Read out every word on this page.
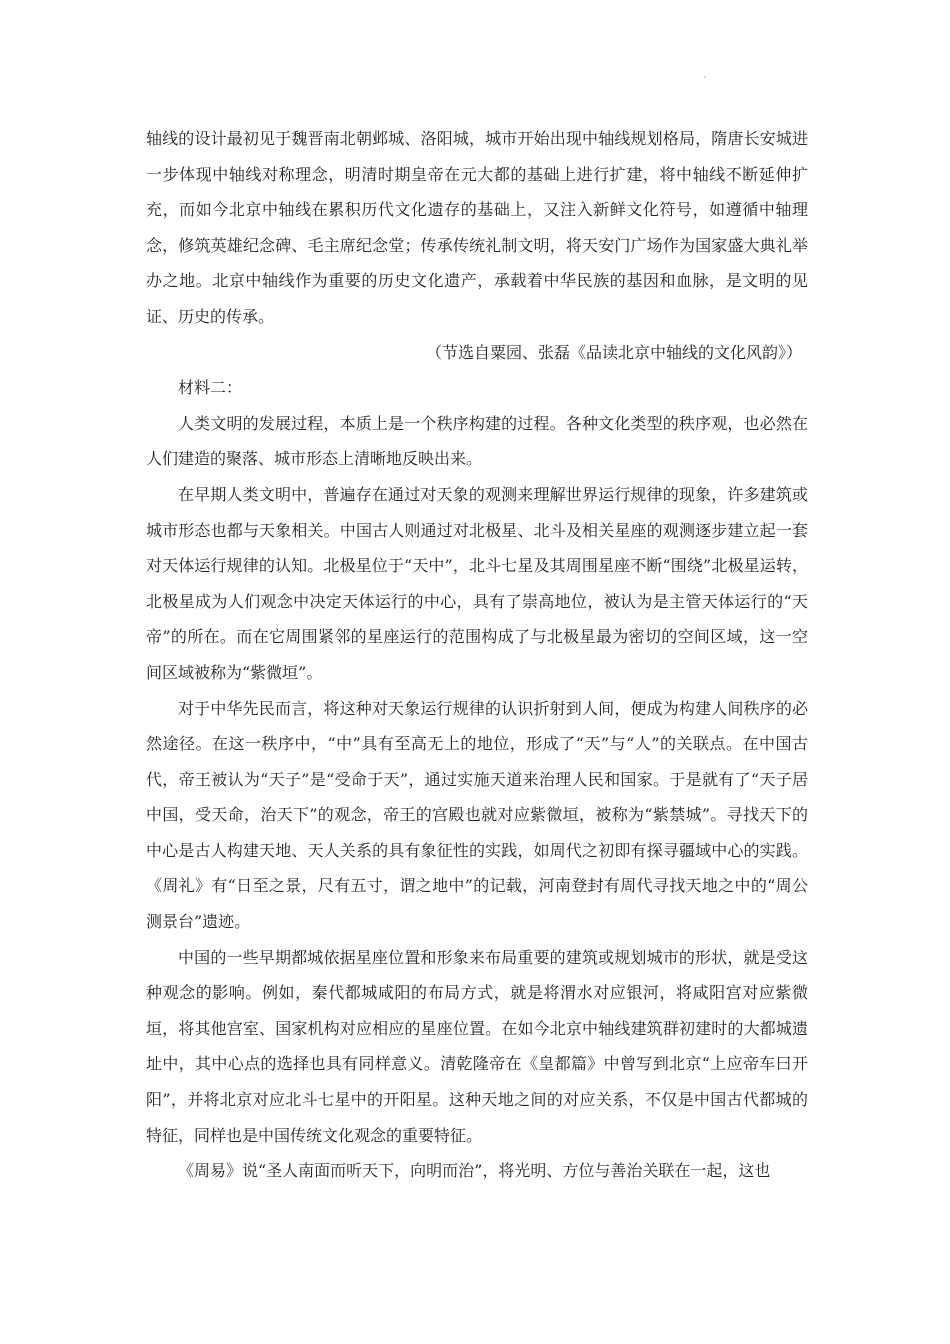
轴线的设计最初见于魏晋南北朝邺城、洛阳城，城市开始出现中轴线规划格局，隋唐长安城进一步体现中轴线对称理念，明清时期皇帝在元大都的基础上进行扩建，将中轴线不断延伸扩充，而如今北京中轴线在累积历代文化遗存的基础上，又注入新鲜文化符号，如遵循中轴理念，修筑英雄纪念碑、毛主席纪念堂；传承传统礼制文明，将天安门广场作为国家盛大典礼举办之地。北京中轴线作为重要的历史文化遗产，承载着中华民族的基因和血脉，是文明的见证、历史的传承。

（节选自粟园、张磊《品读北京中轴线的文化风韵》）

材料二：

人类文明的发展过程，本质上是一个秩序构建的过程。各种文化类型的秩序观，也必然在人们建造的聚落、城市形态上清晰地反映出来。

在早期人类文明中，普遍存在通过对天象的观测来理解世界运行规律的现象，许多建筑或城市形态也都与天象相关。中国古人则通过对北极星、北斗及相关星座的观测逐步建立起一套对天体运行规律的认知。北极星位于“天中”，北斗七星及其周围星座不断“围绕”北极星运转，北极星成为人们观念中决定天体运行的中心，具有了崇高地位，被认为是主管天体运行的“天帝”的所在。而在它周围紧邻的星座运行的范围构成了与北极星最为密切的空间区域，这一空间区域被称为“紫微垣”。

对于中华先民而言，将这种对天象运行规律的认识折射到人间，便成为构建人间秩序的必然途径。在这一秩序中，“中”具有至高无上的地位，形成了“天”与“人”的关联点。在中国古代，帝王被认为“天子”是“受命于天”，通过实施天道来治理人民和国家。于是就有了“天子居中国，受天命，治天下”的观念，帝王的宫殿也就对应紫微垣，被称为“紫禁城”。寻找天下的中心是古人构建天地、天人关系的具有象征性的实践，如周代之初即有探寻疆域中心的实践。《周礼》有“日至之景，尺有五寸，谓之地中”的记载，河南登封有周代寻找天地之中的“周公测景台”遗迹。

中国的一些早期都城依据星座位置和形象来布局重要的建筑或规划城市的形状，就是受这种观念的影响。例如，秦代都城咸阳的布局方式，就是将渭水对应银河，将咸阳宫对应紫微垣，将其他宫室、国家机构对应相应的星座位置。在如今北京中轴线建筑群初建时的大都城遗址中，其中心点的选择也具有同样意义。清乾隆帝在《皇都篇》中曾写到北京“上应帝车曰开阳”，并将北京对应北斗七星中的开阳星。这种天地之间的对应关系，不仅是中国古代都城的特征，同样也是中国传统文化观念的重要特征。

《周易》说“圣人南面而听天下，向明而治”，将光明、方位与善治关联在一起，这也
